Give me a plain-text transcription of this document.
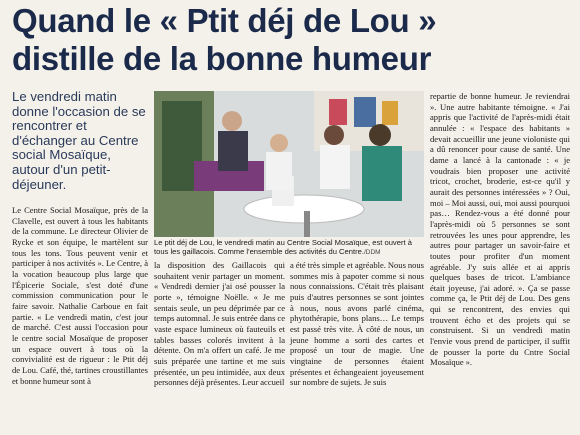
Quand le « Ptit déj de Lou »
distille de la bonne humeur
Le vendredi matin donne l'occasion de se rencontrer et d'échanger au Centre social Mosaïque, autour d'un petit-déjeuner.
Le ptit déj de Lou, le vendredi matin au Centre Social Mosaïque, est ouvert à tous les gaillacois. Comme l'ensemble des activités du Centre./DDM

Le Centre Social Mosaïque, près de la Clavelle, est ouvert à tous les habitants de la commune. Le directeur Olivier de Rycke et son équipe, le martèlent sur tous les tons. Tous peuvent venir et participer à nos activités ». Le Centre, à la vocation beaucoup plus large que l'Épicerie Sociale, s'est doté d'une commission communication pour le faire savoir. Nathalie Carboue en fait partie. « Le vendredi matin, c'est jour de marché. C'est aussi l'occasion pour le centre social Mosaïque de proposer un espace ouvert à tous où la convivialité est de rigueur : le Ptit déj de Lou. Café, thé, tartines croustillantes et bonne humeur sont à

la disposition des Gaillacois qui souhaitent venir partager un moment. « Vendredi dernier j'ai osé pousser la porte », témoigne Noëlle. « Je me sentais seule, un peu déprimée par ce temps automnal. Je suis entrée dans ce vaste espace lumineux où fauteuils et tables basses colorés invitent à la détente. On m'a offert un café. Je me suis préparée une tartine et me suis présentée, un peu intimidée, aux deux personnes déjà présentes. Leur accueil

a été très simple et agréable. Nous nous sommes mis à papoter comme si nous nous connaissions. C'était très plaisant puis d'autres personnes se sont jointes à nous, nous avons parlé cinéma, phytothérapie, bons plans… Le temps est passé très vite. À côté de nous, un jeune homme a sorti des cartes et proposé un tour de magie. Une vingtaine de personnes étaient présentes et échangeaient joyeusement sur nombre de sujets. Je suis

repartie de bonne humeur. Je reviendrai ». Une autre habitante témoigne. « J'ai appris que l'activité de l'après-midi était annulée : « l'espace des habitants » devait accueillir une jeune violoniste qui a dû renoncer pour cause de santé. Une dame a lancé à la cantonade : « je voudrais bien proposer une activité tricot, crochet, broderie, est-ce qu'il y aurait des personnes intéressées » ? Oui, moi – Moi aussi, oui, moi aussi pourquoi pas… Rendez-vous a été donné pour l'après-midi où 5 personnes se sont retrouvées les unes pour apprendre, les autres pour partager un savoir-faire et toutes pour profiter d'un moment agréable. J'y suis allée et ai appris quelques bases de tricot. L'ambiance était joyeuse, j'ai adoré. ». Ça se passe comme ça, le Ptit déj de Lou. Des gens qui se rencontrent, des envies qui trouvent écho et des projets qui se construisent. Si un vendredi matin l'envie vous prend de participer, il suffit de pousser la porte du Cntre Social Mosaïque ».
